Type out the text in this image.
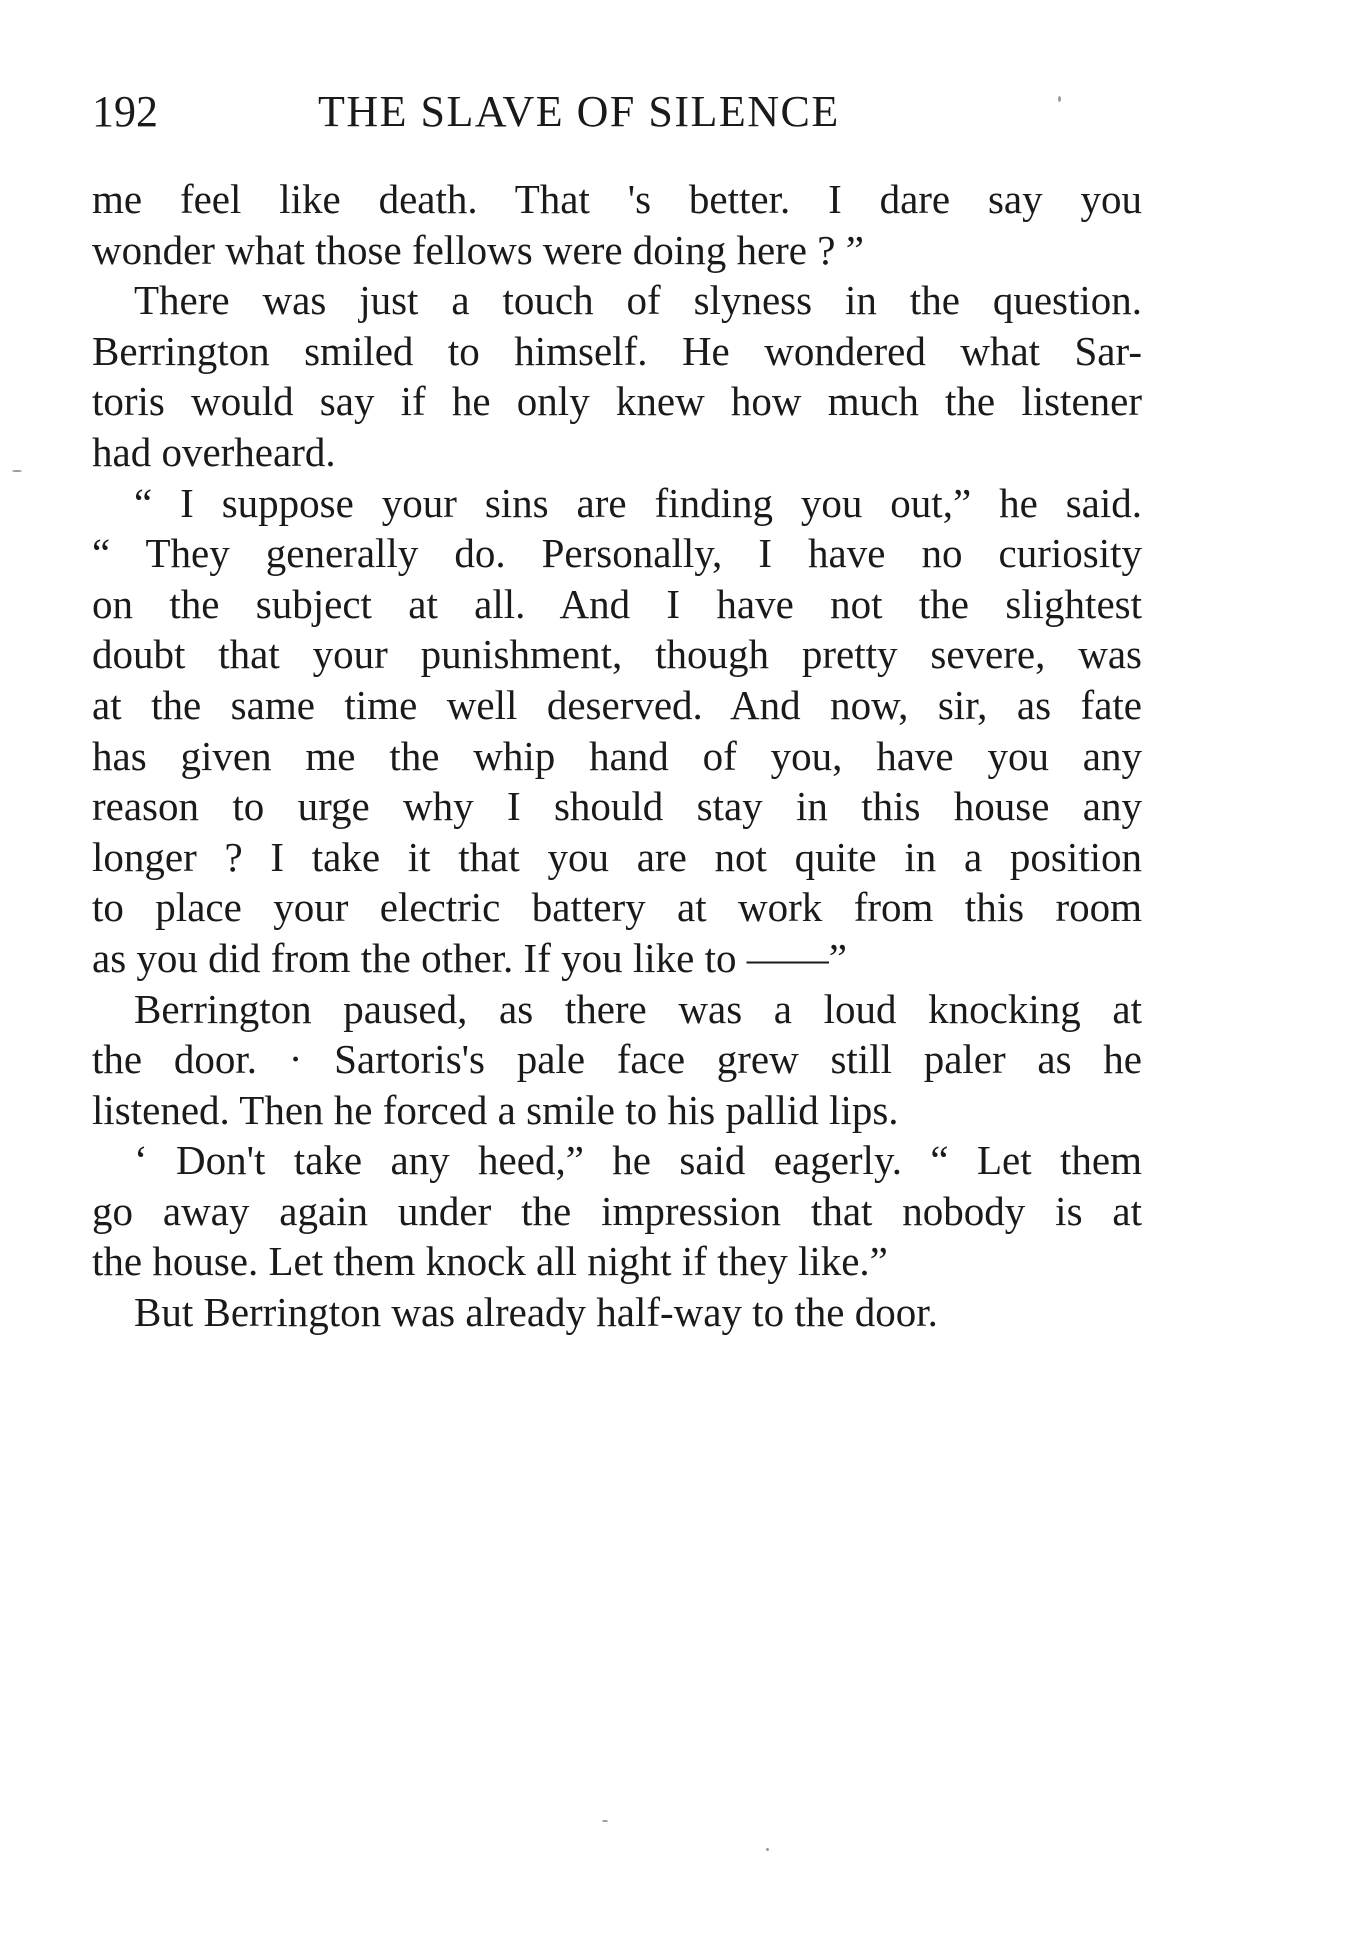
192	THE SLAVE OF SILENCE

me feel like death. That 's better. I dare say you
wonder what those fellows were doing here ? ”

There was just a touch of slyness in the question.
Berrington smiled to himself. He wondered what Sar-
toris would say if he only knew how much the listener
had overheard.

“ I suppose your sins are finding you out,” he said.
“ They generally do. Personally, I have no curiosity
on the subject at all. And I have not the slightest
doubt that your punishment, though pretty severe, was
at the same time well deserved. And now, sir, as fate
has given me the whip hand of you, have you any
reason to urge why I should stay in this house any
longer ? I take it that you are not quite in a position
to place your electric battery at work from this room
as you did from the other. If you like to ——”

Berrington paused, as there was a loud knocking at
the door. · Sartoris's pale face grew still paler as he
listened. Then he forced a smile to his pallid lips.

‘ Don't take any heed,” he said eagerly. “ Let them
go away again under the impression that nobody is at
the house. Let them knock all night if they like.”

But Berrington was already half-way to the door.
